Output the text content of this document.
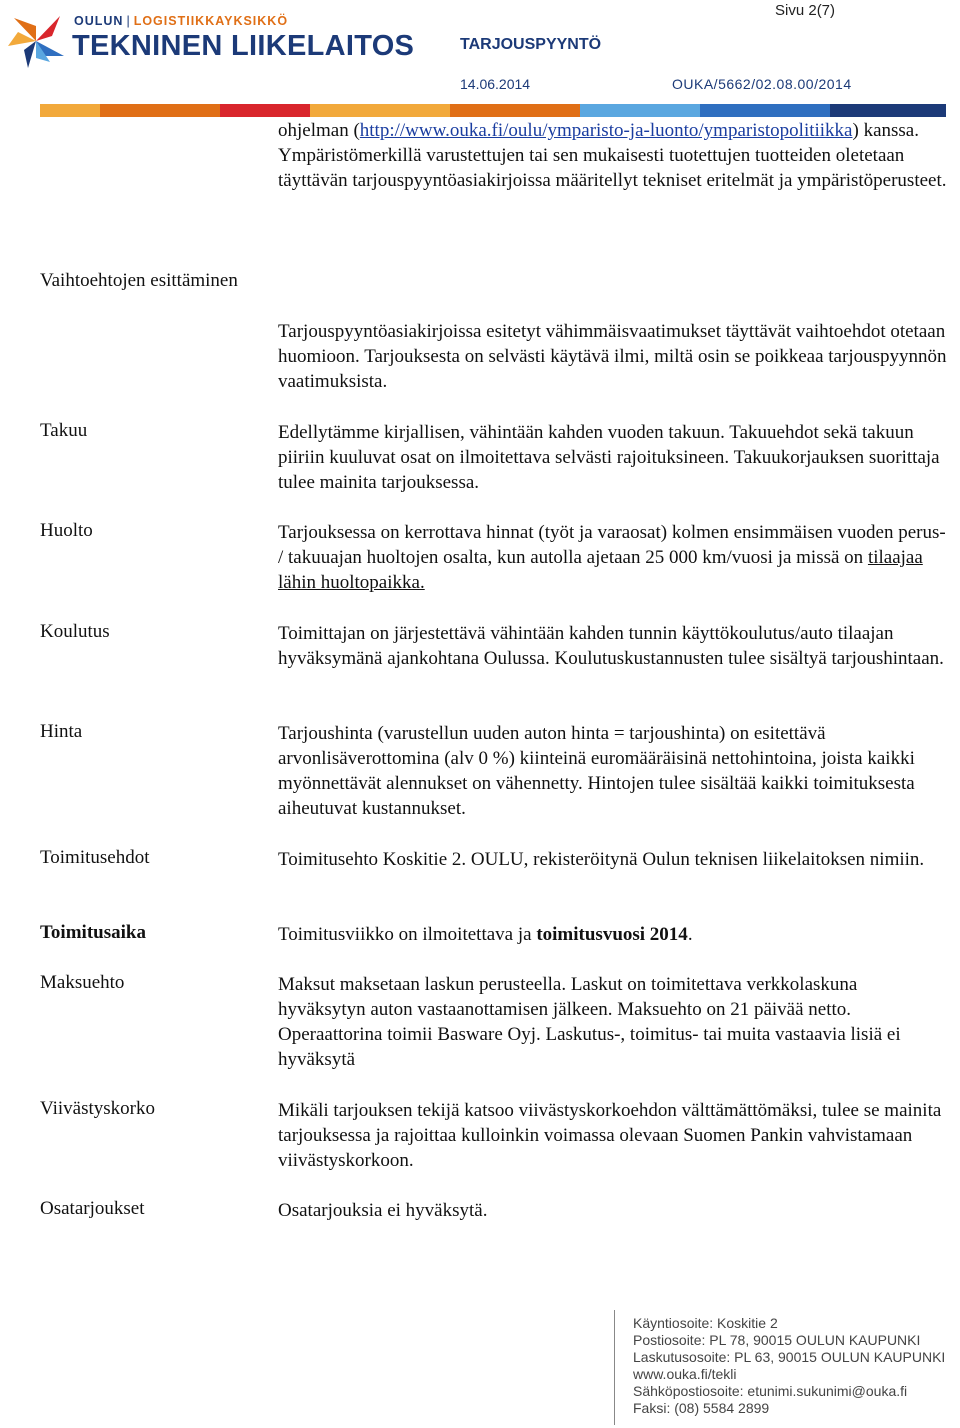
Sivu 2(7)
OULUN | LOGISTIIKKAYKSIKKÖ
TEKNINEN LIIKELAITOS	TARJOUSPYYNTÖ
14.06.2014	OUKA/5662/02.08.00/2014
ohjelman (http://www.ouka.fi/oulu/ymparisto-ja-luonto/ymparistopolitiikka) kanssa. Ympäristömerkillä varustettujen tai sen mukaisesti tuotettujen tuotteiden oletetaan täyttävän tarjouspyyntöasiakirjoissa määritellyt tekniset eritelmät ja ympäristöperusteet.
Vaihtoehtojen esittäminen
Tarjouspyyntöasiakirjoissa esitetyt vähimmäisvaatimukset täyttävät vaihtoehdot otetaan huomioon. Tarjouksesta on selvästi käytävä ilmi, miltä osin se poikkeaa tarjouspyynnön vaatimuksista.
Takuu	Edellytämme kirjallisen, vähintään kahden vuoden takuun. Takuuehdot sekä takuun piiriin kuuluvat osat on ilmoitettava selvästi rajoituksineen. Takuukorjauksen suorittaja tulee mainita tarjouksessa.
Huolto	Tarjouksessa on kerrottava hinnat (työt ja varaosat) kolmen ensimmäisen vuoden perus- / takuuajan huoltojen osalta, kun autolla ajetaan 25 000 km/vuosi ja missä on tilaajaa lähin huoltopaikka.
Koulutus	Toimittajan on järjestettävä vähintään kahden tunnin käyttökoulutus/auto tilaajan hyväksymänä ajankohtana Oulussa. Koulutuskustannusten tulee sisältyä tarjoushintaan.
Hinta	Tarjoushinta (varustellun uuden auton hinta = tarjoushinta) on esitettävä arvonlisäverottomina (alv 0 %) kiinteinä euromääräisinä nettohintoina, joista kaikki myönnettävät alennukset on vähennetty. Hintojen tulee sisältää kaikki toimituksesta aiheutuvat kustannukset.
Toimitusehdot	Toimitusehto Koskitie 2. OULU, rekisteröitynä Oulun teknisen liikelaitoksen nimiin.
Toimitusaika	Toimitusviikko on ilmoitettava ja toimitusvuosi 2014.
Maksuehto	Maksut maksetaan laskun perusteella. Laskut on toimitettava verkkolaskuna hyväksytyn auton vastaanottamisen jälkeen. Maksuehto on 21 päivää netto. Operaattorina toimii Basware Oyj. Laskutus-, toimitus- tai muita vastaavia lisiä ei hyväksytä
Viivästyskorko	Mikäli tarjouksen tekijä katsoo viivästyskorkoehdon välttämättömäksi, tulee se mainita tarjouksessa ja rajoittaa kulloinkin voimassa olevaan Suomen Pankin vahvistamaan viivästyskorkoon.
Osatarjoukset	Osatarjouksia ei hyväksytä.
Käyntiosoite: Koskitie 2
Postiosoite: PL 78, 90015 OULUN KAUPUNKI
Laskutusosoite: PL 63, 90015 OULUN KAUPUNKI
www.ouka.fi/tekli
Sähköpostiosoite: etunimi.sukunimi@ouka.fi
Faksi: (08) 5584 2899
